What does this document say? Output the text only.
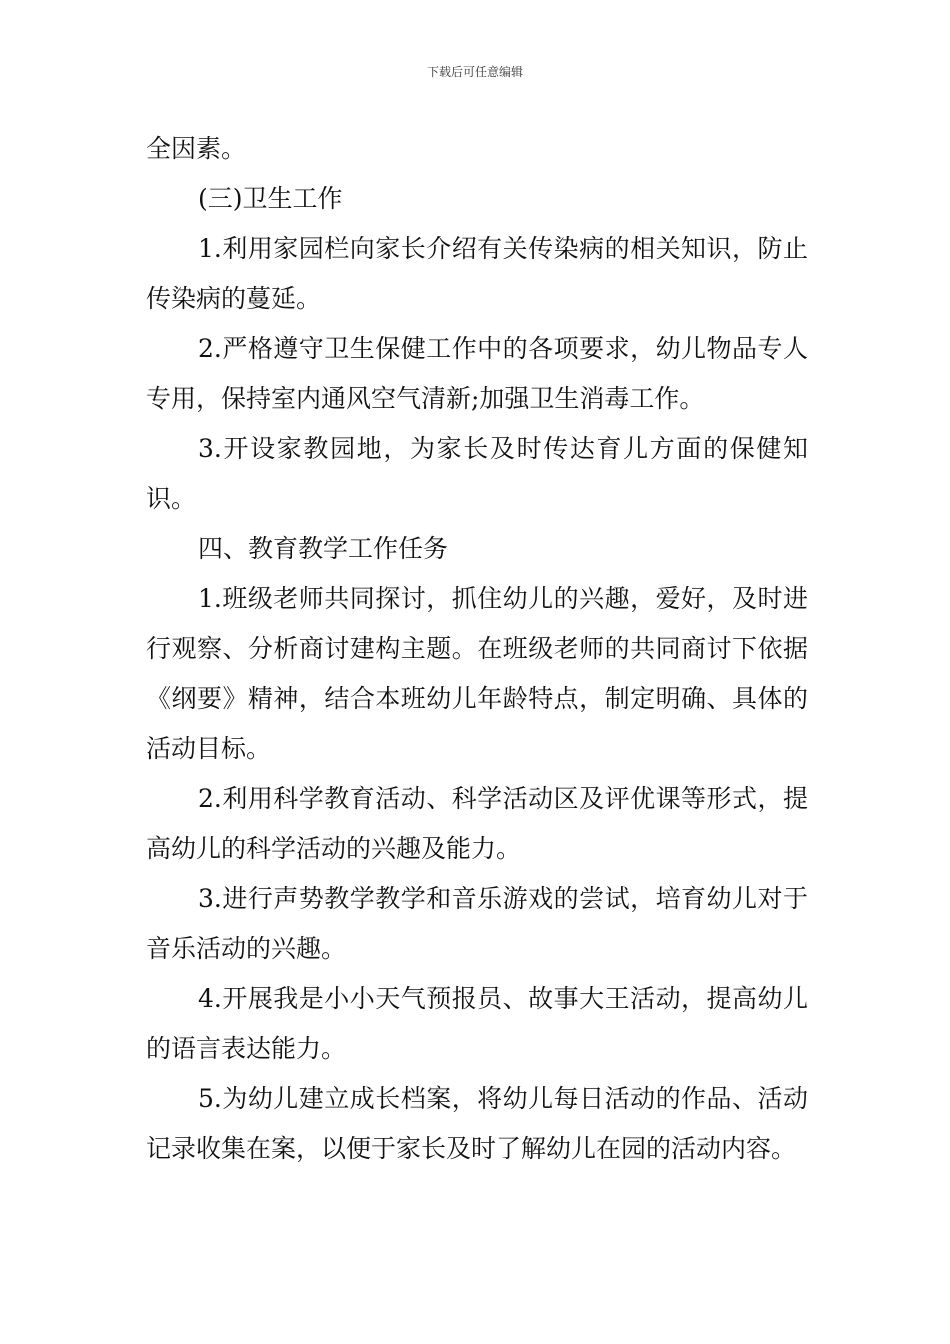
下载后可任意编辑

全因素。

(三)卫生工作

1.利用家园栏向家长介绍有关传染病的相关知识，防止传染病的蔓延。

2.严格遵守卫生保健工作中的各项要求，幼儿物品专人专用，保持室内通风空气清新;加强卫生消毒工作。

3.开设家教园地，为家长及时传达育儿方面的保健知识。

四、教育教学工作任务

1.班级老师共同探讨，抓住幼儿的兴趣，爱好，及时进行观察、分析商讨建构主题。在班级老师的共同商讨下依据《纲要》精神，结合本班幼儿年龄特点，制定明确、具体的活动目标。

2.利用科学教育活动、科学活动区及评优课等形式，提高幼儿的科学活动的兴趣及能力。

3.进行声势教学教学和音乐游戏的尝试，培育幼儿对于音乐活动的兴趣。

4.开展我是小小天气预报员、故事大王活动，提高幼儿的语言表达能力。

5.为幼儿建立成长档案，将幼儿每日活动的作品、活动记录收集在案，以便于家长及时了解幼儿在园的活动内容。
